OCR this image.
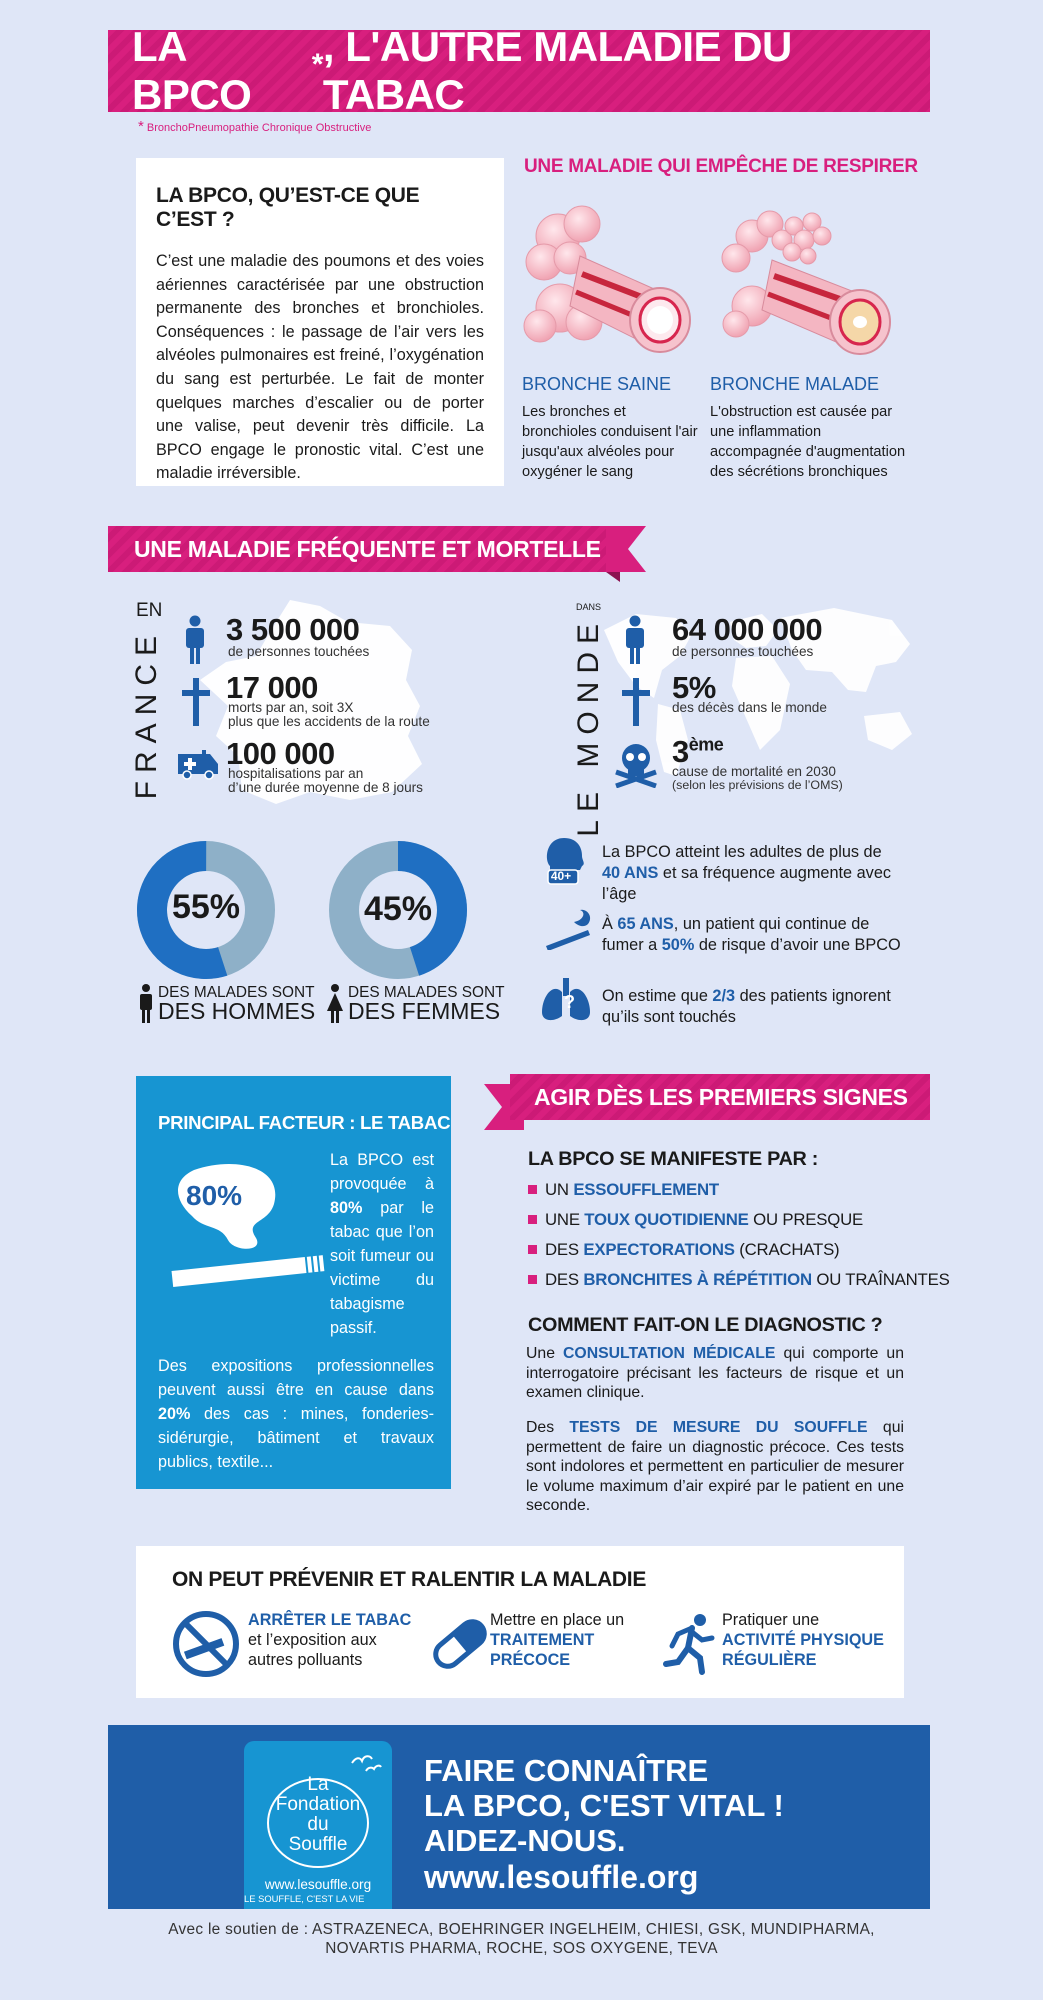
LA BPCO
* , L'AUTRE MALADIE DU TABAC
* BronchoPneumopathie Chronique Obstructive
LA BPCO, QU’EST-CE QUE C’EST ?

C’est une maladie des poumons et des voies aériennes caractérisée par une obstruction permanente des bronches et bronchioles. Conséquences : le passage de l’air vers les alvéoles pulmonaires est freiné, l’oxygénation du sang est perturbée. Le fait de monter quelques marches d’escalier ou de porter une valise, peut devenir très difficile. La BPCO engage le pronostic vital. C’est une maladie irréversible.

UNE MALADIE QUI EMPÊCHE DE RESPIRER
BRONCHE SAINE
Les bronches et bronchioles conduisent l'air jusqu'aux alvéoles pour oxygéner le sang
BRONCHE MALADE
L'obstruction est causée par une inflammation accompagnée d'augmentation des sécrétions bronchiques
UNE MALADIE FRÉQUENTE ET MORTELLE
EN
FRANCE 3 500 000
de personnes touchées
17 000
morts par an, soit 3X
plus que les accidents de la route
100 000
hospitalisations par an
d’une durée moyenne de 8 jours
DANS
LE MONDE 64 000 000
de personnes touchées
5%
des décès dans le monde
3ème
cause de mortalité en 2030
(selon les prévisions de l’OMS)
55%	45%
DES MALADES SONT
DES HOMMES
DES MALADES SONT
DES FEMMES
40+
La BPCO atteint les adultes de plus de
40 ANS et sa fréquence augmente avec l’âge
À 65 ANS, un patient qui continue de
fumer a 50% de risque d’avoir une BPCO
? On estime que 2/3 des patients ignorent
qu’ils sont touchés
PRINCIPAL FACTEUR : LE TABAC
80%
La BPCO est provoquée à 80% par le tabac que l’on soit fumeur ou victime du tabagisme passif.
Des expositions professionnelles peuvent aussi être en cause dans 20% des cas : mines, fonderies-sidérurgie, bâtiment et travaux publics, textile...
AGIR DÈS LES PREMIERS SIGNES
LA BPCO SE MANIFESTE PAR :
UN ESSOUFFLEMENT
UNE TOUX QUOTIDIENNE OU PRESQUE
DES EXPECTORATIONS (CRACHATS)
DES BRONCHITES À RÉPÉTITION OU TRAÎNANTES
COMMENT FAIT-ON LE DIAGNOSTIC ?
Une CONSULTATION MÉDICALE qui comporte un interrogatoire précisant les facteurs de risque et un examen clinique.
Des TESTS DE MESURE DU SOUFFLE qui permettent de faire un diagnostic précoce. Ces tests sont indolores et permettent en particulier de mesurer le volume maximum d’air expiré par le patient en une seconde.
ON PEUT PRÉVENIR ET RALENTIR LA MALADIE
ARRÊTER LE TABAC
et l’exposition aux
autres polluants
Mettre en place un
TRAITEMENT
PRÉCOCE
Pratiquer une
ACTIVITÉ PHYSIQUE
RÉGULIÈRE
La
Fondation
du
Souffle
www.lesouffle.org
LE SOUFFLE, C'EST LA VIE
FAIRE CONNAÎTRE
LA BPCO, C'EST VITAL !
AIDEZ-NOUS.
www.lesouffle.org
Avec le soutien de : ASTRAZENECA, BOEHRINGER INGELHEIM, CHIESI, GSK, MUNDIPHARMA,
NOVARTIS PHARMA, ROCHE, SOS OXYGENE, TEVA
